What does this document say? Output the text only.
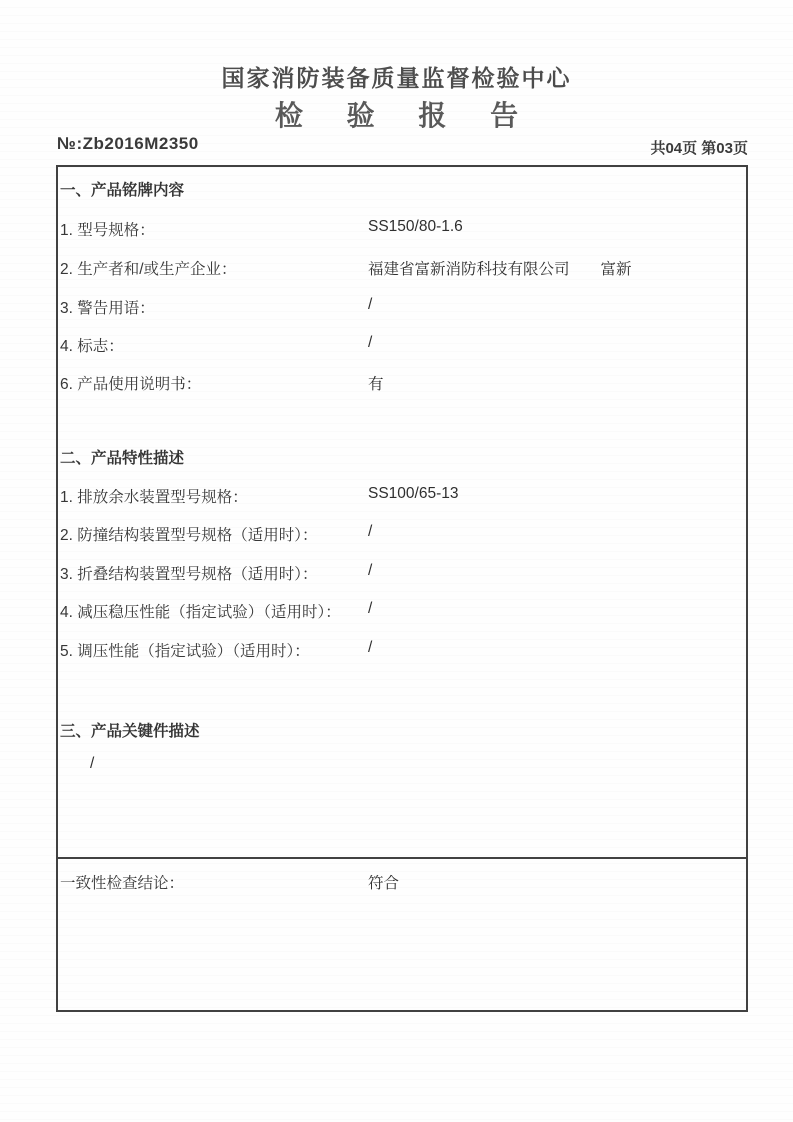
国家消防装备质量监督检验中心
检 验 报 告
№:Zb2016M2350	共04页 第03页
一、产品铭牌内容
1. 型号规格：	SS150/80-1.6
2. 生产者和/或生产企业：	福建省富新消防科技有限公司　　富新
3. 警告用语：	/
4. 标志：	/
6. 产品使用说明书：	有
二、产品特性描述
1. 排放余水装置型号规格：	SS100/65-13
2. 防撞结构装置型号规格（适用时）：	/
3. 折叠结构装置型号规格（适用时）：	/
4. 减压稳压性能（指定试验）（适用时）： /
5. 调压性能（指定试验）（适用时）：	/
三、产品关键件描述
/
一致性检查结论：	符合
